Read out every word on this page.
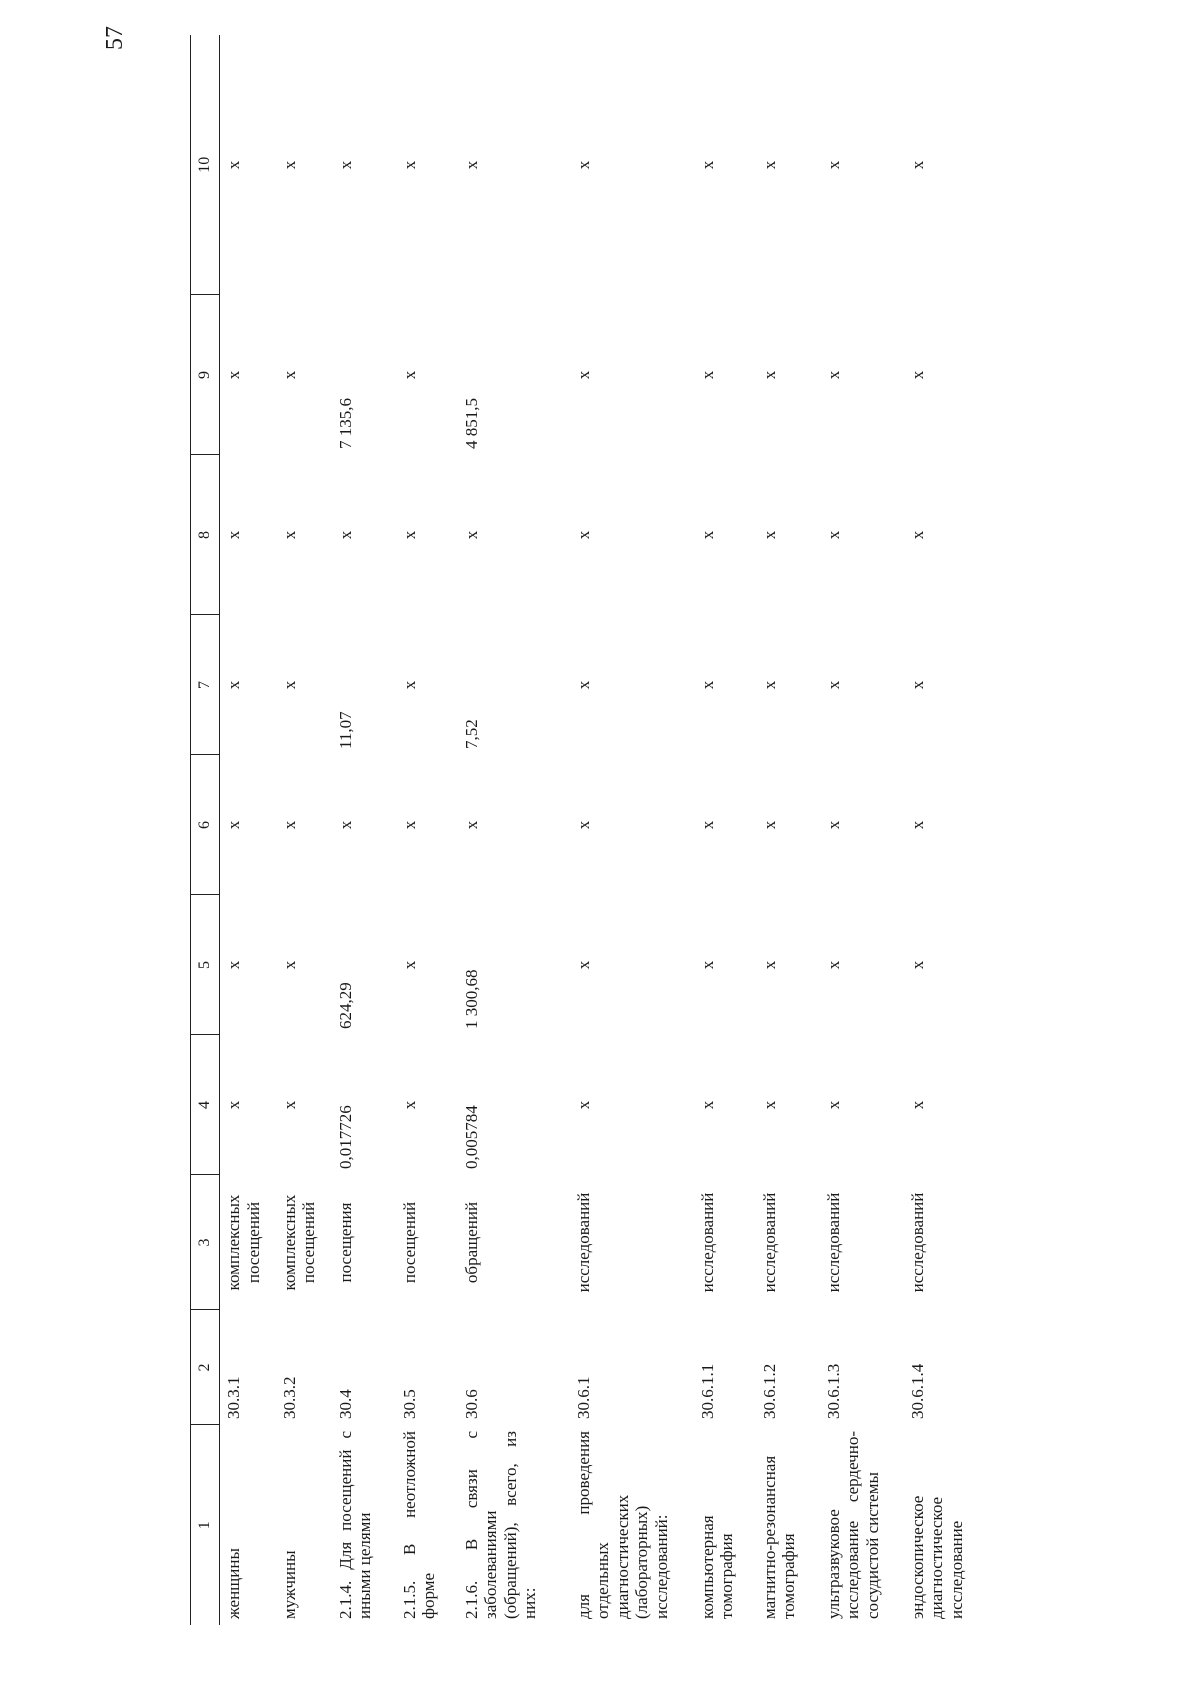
57
1	2	3	4	5	6	7	8	9	10
женщины	30.3.1	комплексных посещений	х	х	х	х	х	х	х
мужчины	30.3.2	комплексных посещений	х	х	х	х	х	х	х
2.1.4. Для посещений с иными целями	30.4	посещения	0,017726	624,29	х	11,07	х	7 135,6	х
2.1.5. В неотложной форме	30.5	посещений	х	х	х	х	х	х	х
2.1.6. В связи с заболеваниями (обращений), всего, из них:	30.6	обращений	0,005784	1 300,68	х	7,52	х	4 851,5	х
для проведения отдельных диагностических (лабораторных) исследований:	30.6.1	исследований	х	х	х	х	х	х	х
компьютерная томография	30.6.1.1	исследований	х	х	х	х	х	х	х
магнитно-резонансная томография	30.6.1.2	исследований	х	х	х	х	х	х	х
ультразвуковое исследование сердечно-сосудистой системы	30.6.1.3	исследований	х	х	х	х	х	х	х
эндоскопическое диагностическое исследование	30.6.1.4	исследований	х	х	х	х	х	х	х
